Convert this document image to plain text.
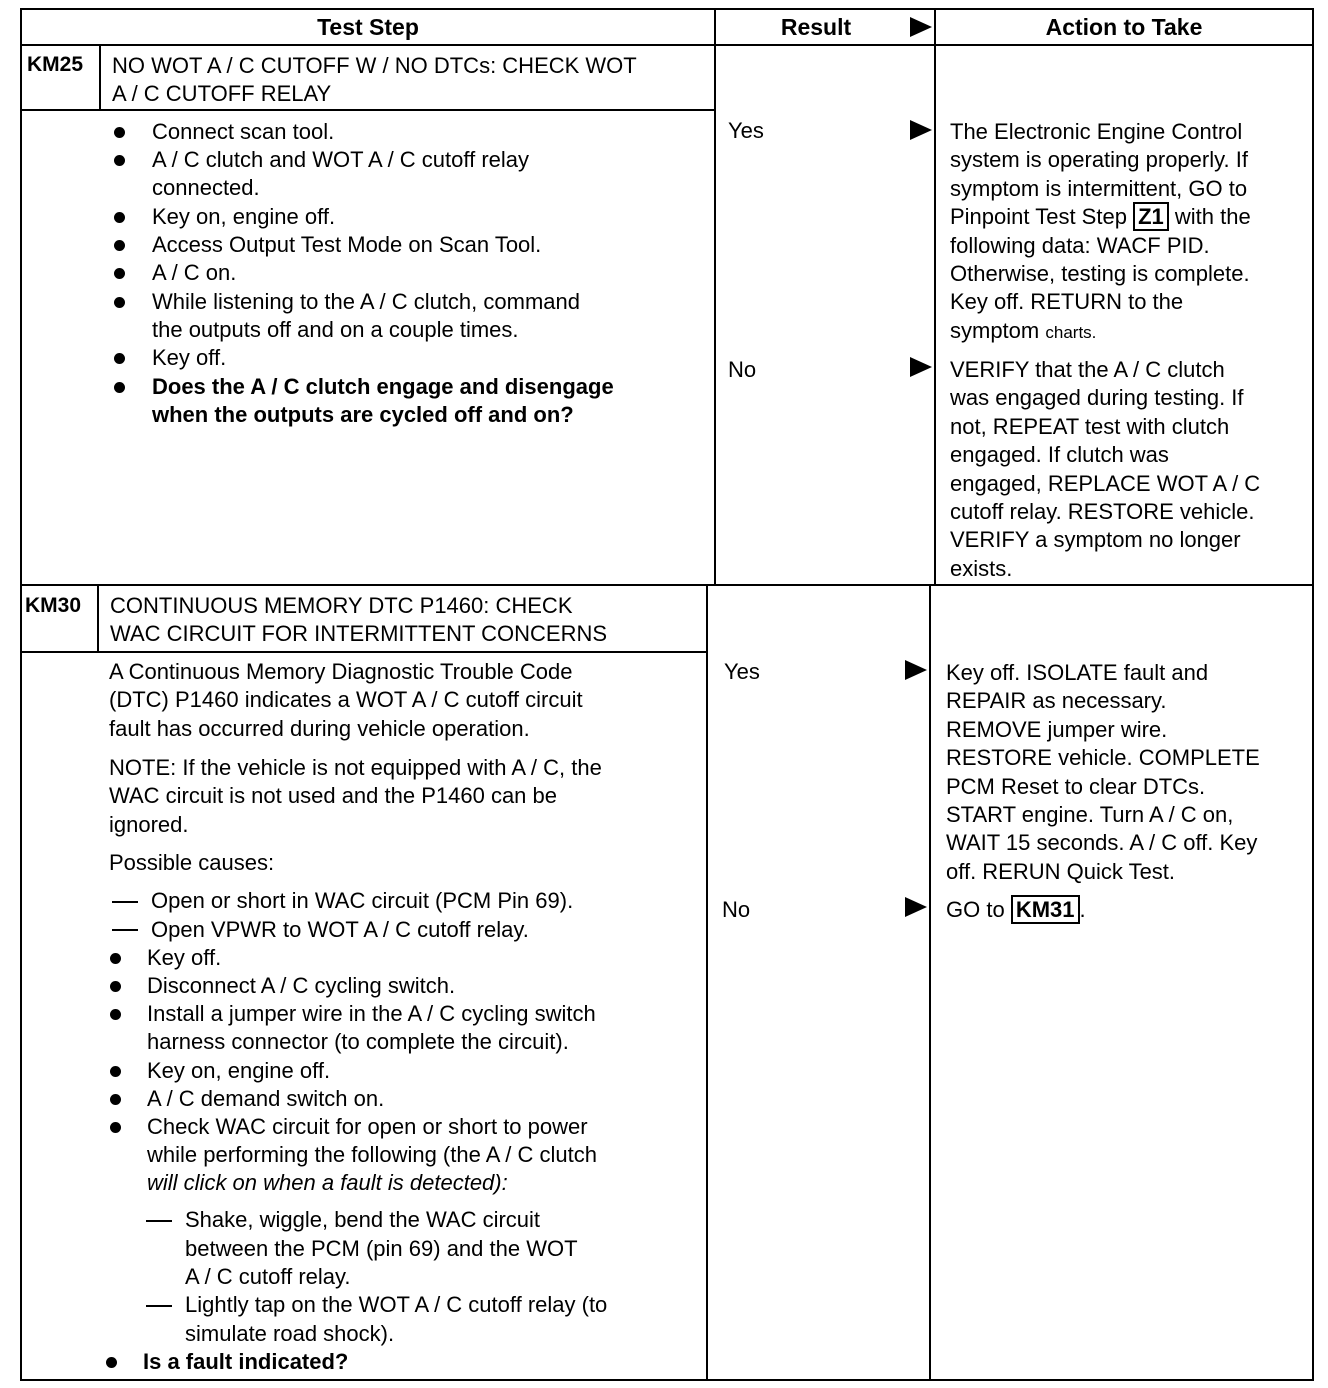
Test Step	Result	Action to Take
KM25 NO WOT A / C CUTOFF W / NO DTCs: CHECK WOT
A / C CUTOFF RELAY
Connect scan tool.
A / C clutch and WOT A / C cutoff relay
connected.
Key on, engine off.
Access Output Test Mode on Scan Tool.
A / C on.
While listening to the A / C clutch, command
the outputs off and on a couple times.
Key off.
Does the A / C clutch engage and disengage
when the outputs are cycled off and on?
Yes
No
The Electronic Engine Control
system is operating properly. If
symptom is intermittent, GO to
Pinpoint Test Step Z1 with the
following data: WACF PID.
Otherwise, testing is complete.
Key off. RETURN to the
symptom charts.
VERIFY that the A / C clutch
was engaged during testing. If
not, REPEAT test with clutch
engaged. If clutch was
engaged, REPLACE WOT A / C
cutoff relay. RESTORE vehicle.
VERIFY a symptom no longer
exists.
KM30 CONTINUOUS MEMORY DTC P1460: CHECK
WAC CIRCUIT FOR INTERMITTENT CONCERNS
A Continuous Memory Diagnostic Trouble Code
(DTC) P1460 indicates a WOT A / C cutoff circuit
fault has occurred during vehicle operation.
NOTE: If the vehicle is not equipped with A / C, the
WAC circuit is not used and the P1460 can be
ignored.
Possible causes:
Open or short in WAC circuit (PCM Pin 69).
Open VPWR to WOT A / C cutoff relay.
Key off.
Disconnect A / C cycling switch.
Install a jumper wire in the A / C cycling switch
harness connector (to complete the circuit).
Key on, engine off.
A / C demand switch on.
Check WAC circuit for open or short to power
while performing the following (the A / C clutch
will click on when a fault is detected):
Shake, wiggle, bend the WAC circuit
between the PCM (pin 69) and the WOT
A / C cutoff relay.
Lightly tap on the WOT A / C cutoff relay (to
simulate road shock).
Is a fault indicated?
Yes
No
Key off. ISOLATE fault and
REPAIR as necessary.
REMOVE jumper wire.
RESTORE vehicle. COMPLETE
PCM Reset to clear DTCs.
START engine. Turn A / C on,
WAIT 15 seconds. A / C off. Key
off. RERUN Quick Test.
GO to KM31 .
